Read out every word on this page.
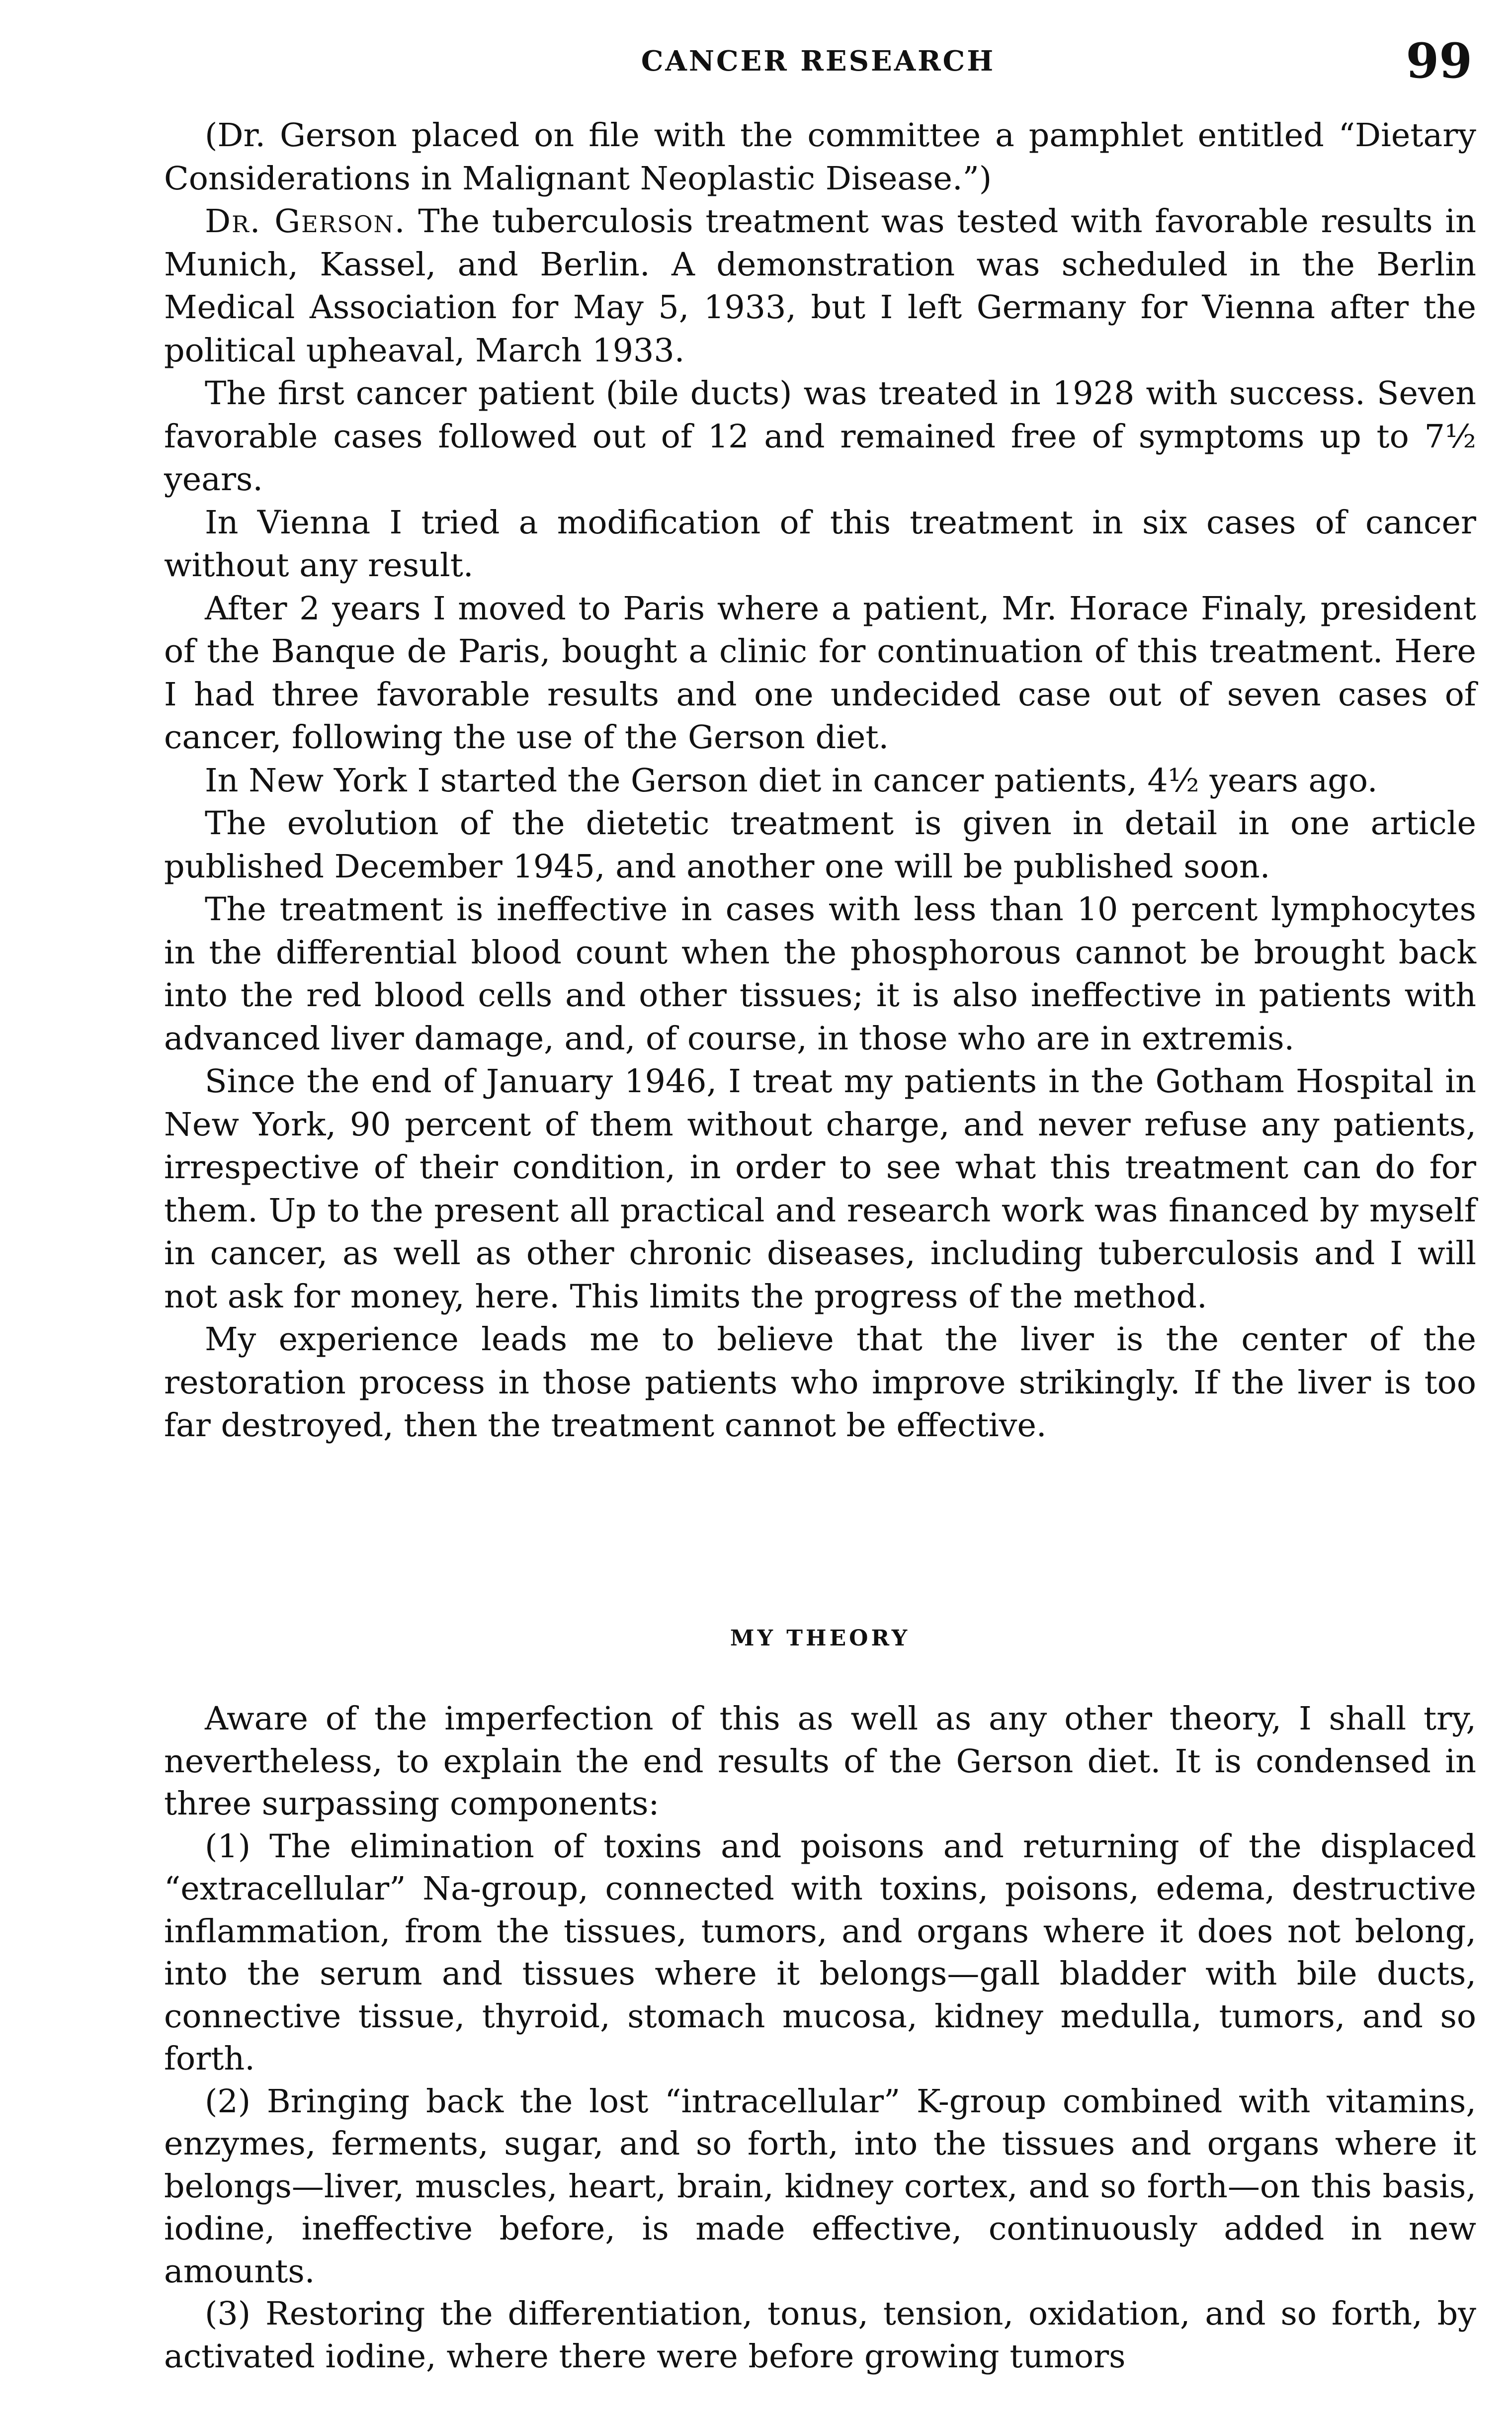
CANCER RESEARCH	99

(Dr. Gerson placed on file with the committee a pamphlet entitled “Dietary Considerations in Malignant Neoplastic Disease.”)

Dr. Gerson. The tuberculosis treatment was tested with favorable results in Munich, Kassel, and Berlin. A demonstration was scheduled in the Berlin Medical Association for May 5, 1933, but I left Germany for Vienna after the political upheaval, March 1933.

The first cancer patient (bile ducts) was treated in 1928 with success. Seven favorable cases followed out of 12 and remained free of symptoms up to 7½ years.

In Vienna I tried a modification of this treatment in six cases of cancer without any result.

After 2 years I moved to Paris where a patient, Mr. Horace Finaly, president of the Banque de Paris, bought a clinic for continuation of this treatment. Here I had three favorable results and one undecided case out of seven cases of cancer, following the use of the Gerson diet.

In New York I started the Gerson diet in cancer patients, 4½ years ago.

The evolution of the dietetic treatment is given in detail in one article published December 1945, and another one will be published soon.

The treatment is ineffective in cases with less than 10 percent lymphocytes in the differential blood count when the phosphorous cannot be brought back into the red blood cells and other tissues; it is also ineffective in patients with advanced liver damage, and, of course, in those who are in extremis.

Since the end of January 1946, I treat my patients in the Gotham Hospital in New York, 90 percent of them without charge, and never refuse any patients, irrespective of their condition, in order to see what this treatment can do for them. Up to the present all practical and research work was financed by myself in cancer, as well as other chronic diseases, including tuberculosis and I will not ask for money, here. This limits the progress of the method.

My experience leads me to believe that the liver is the center of the restoration process in those patients who improve strikingly. If the liver is too far destroyed, then the treatment cannot be effective.

MY THEORY

Aware of the imperfection of this as well as any other theory, I shall try, nevertheless, to explain the end results of the Gerson diet. It is condensed in three surpassing components:

(1) The elimination of toxins and poisons and returning of the displaced “extracellular” Na-group, connected with toxins, poisons, edema, destructive inflammation, from the tissues, tumors, and organs where it does not belong, into the serum and tissues where it belongs—gall bladder with bile ducts, connective tissue, thyroid, stomach mucosa, kidney medulla, tumors, and so forth.

(2) Bringing back the lost “intracellular” K-group combined with vitamins, enzymes, ferments, sugar, and so forth, into the tissues and organs where it belongs—liver, muscles, heart, brain, kidney cortex, and so forth—on this basis, iodine, ineffective before, is made effective, continuously added in new amounts.

(3) Restoring the differentiation, tonus, tension, oxidation, and so forth, by activated iodine, where there were before growing tumors
